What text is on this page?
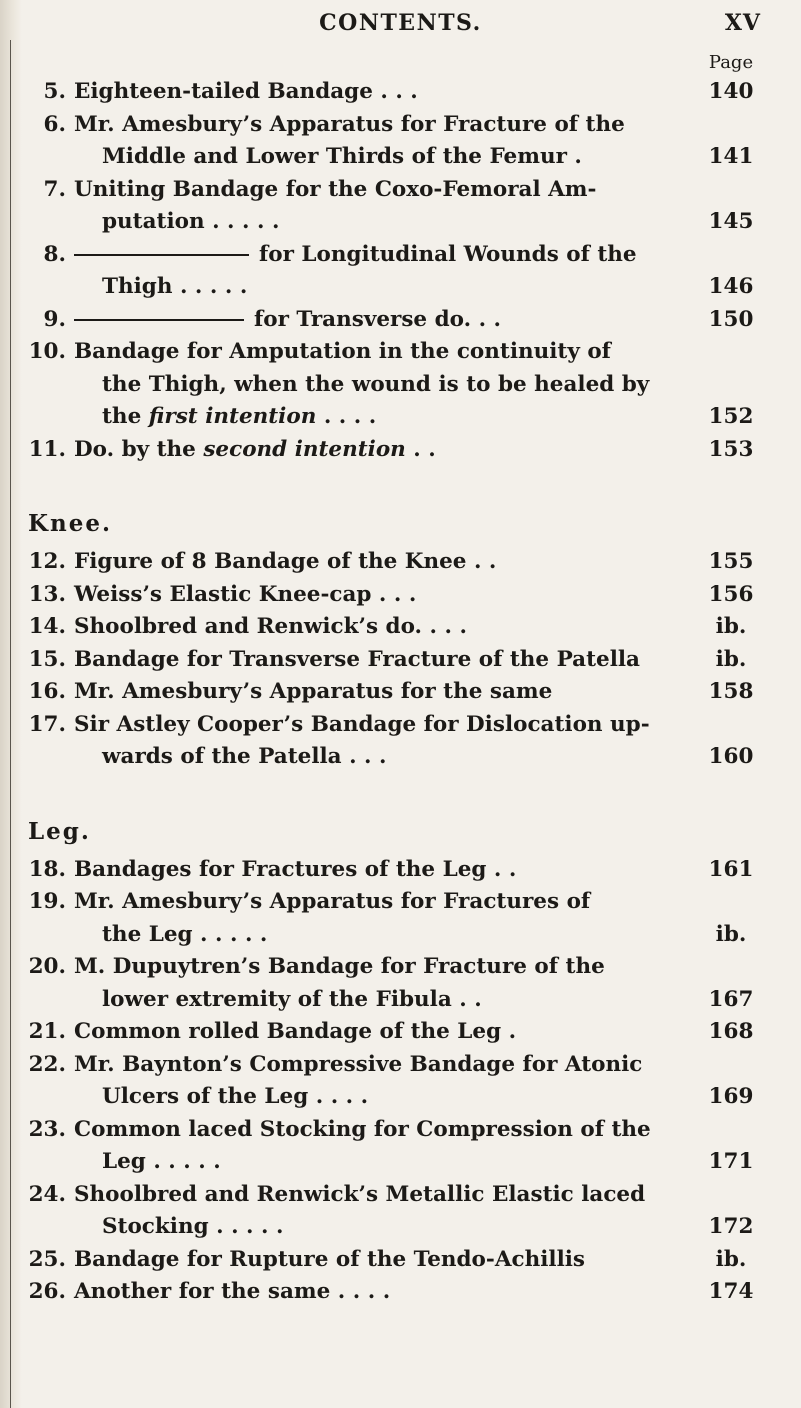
CONTENTS.	XV
Page
5. Eighteen-tailed Bandage . . .	140
6. Mr. Amesbury’s Apparatus for Fracture of the
Middle and Lower Thirds of the Femur .	141
7. Uniting Bandage for the Coxo-Femoral Am-
putation . . . . .	145
8.	for Longitudinal Wounds of the
Thigh . . . . .	146
9.	for Transverse do. . .	150
10. Bandage for Amputation in the continuity of
the Thigh, when the wound is to be healed by
the first intention . . . .	152
11. Do. by the second intention . .	153
Knee.
12. Figure of 8 Bandage of the Knee . .	155
13. Weiss’s Elastic Knee-cap . . .	156
14. Shoolbred and Renwick’s do. . . .	ib.
15. Bandage for Transverse Fracture of the Patella	ib.
16. Mr. Amesbury’s Apparatus for the same	158
17. Sir Astley Cooper’s Bandage for Dislocation up-
wards of the Patella . . .	160
Leg.
18. Bandages for Fractures of the Leg . .	161
19. Mr. Amesbury’s Apparatus for Fractures of
the Leg . . . . .	ib.
20. M. Dupuytren’s Bandage for Fracture of the
lower extremity of the Fibula . .	167
21. Common rolled Bandage of the Leg .	168
22. Mr. Baynton’s Compressive Bandage for Atonic
Ulcers of the Leg . . . .	169
23. Common laced Stocking for Compression of the
Leg . . . . .	171
24. Shoolbred and Renwick’s Metallic Elastic laced
Stocking . . . . .	172
25. Bandage for Rupture of the Tendo-Achillis	ib.
26. Another for the same . . . .	174
